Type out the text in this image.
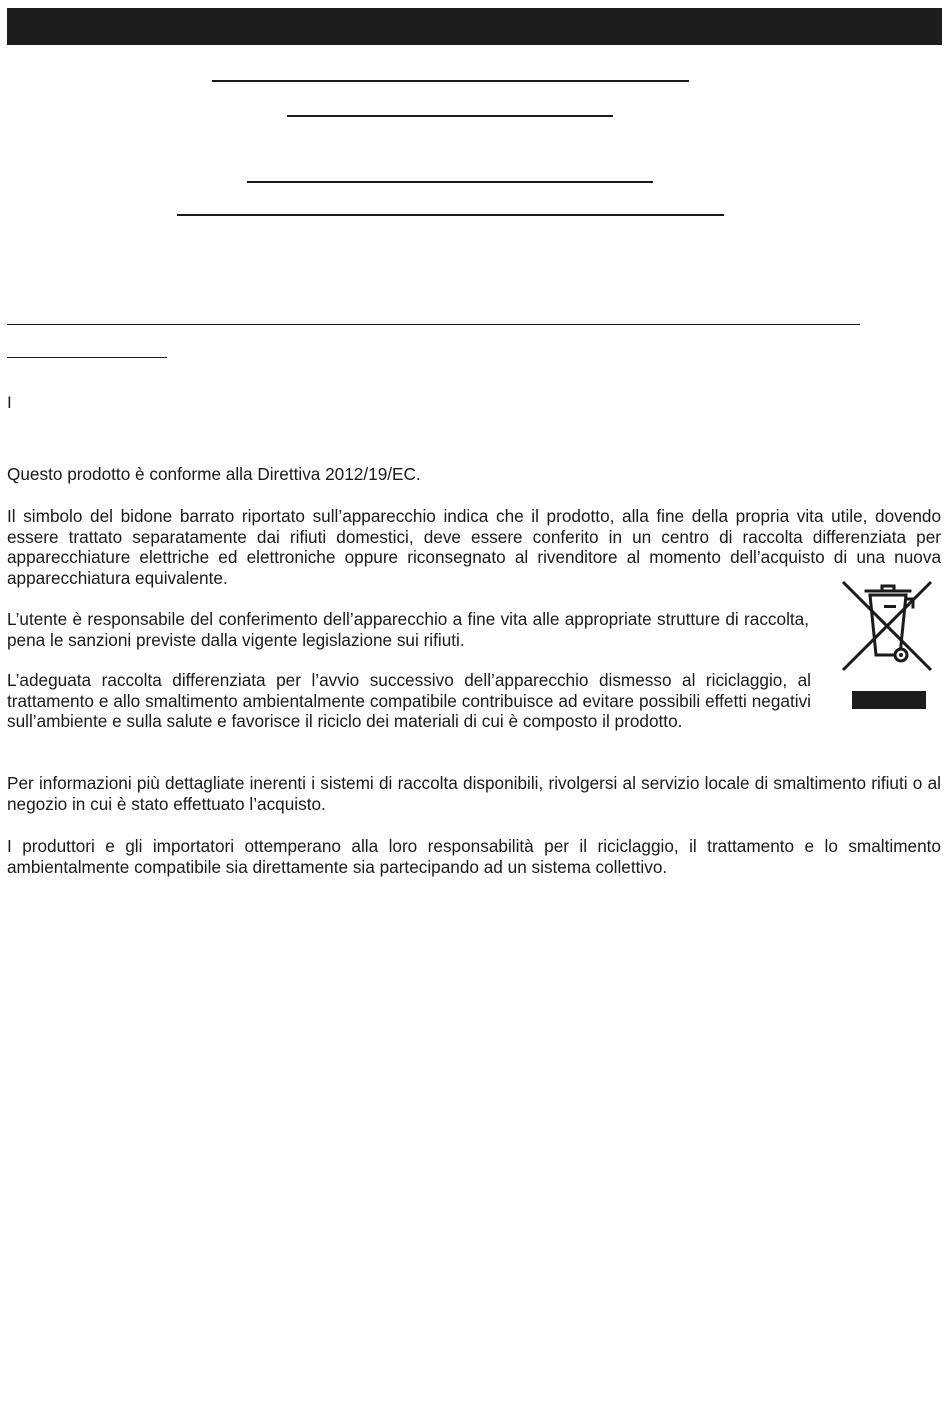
I

Questo prodotto è conforme alla Direttiva 2012/19/EC.

Il simbolo del bidone barrato riportato sull’apparecchio indica che il prodotto, alla fine della propria vita utile, dovendo essere trattato separatamente dai rifiuti domestici, deve essere conferito in un centro di raccolta differenziata per apparecchiature elettriche ed elettroniche oppure riconsegnato al rivenditore al momento dell’acquisto di una nuova apparecchiatura equivalente.

L’utente è responsabile del conferimento dell’apparecchio a fine vita alle appropriate strutture di raccolta, pena le sanzioni previste dalla vigente legislazione sui rifiuti.

L’adeguata raccolta differenziata per l’avvio successivo dell’apparecchio dismesso al riciclaggio, al trattamento e allo smaltimento ambientalmente compatibile contribuisce ad evitare possibili effetti negativi sull’ambiente e sulla salute e favorisce il riciclo dei materiali di cui è composto il prodotto.

Per informazioni più dettagliate inerenti i sistemi di raccolta disponibili, rivolgersi al servizio locale di smaltimento rifiuti o al negozio in cui è stato effettuato l’acquisto.

I produttori e gli importatori ottemperano alla loro responsabilità per il riciclaggio, il trattamento e lo smaltimento ambientalmente compatibile sia direttamente sia partecipando ad un sistema collettivo.
